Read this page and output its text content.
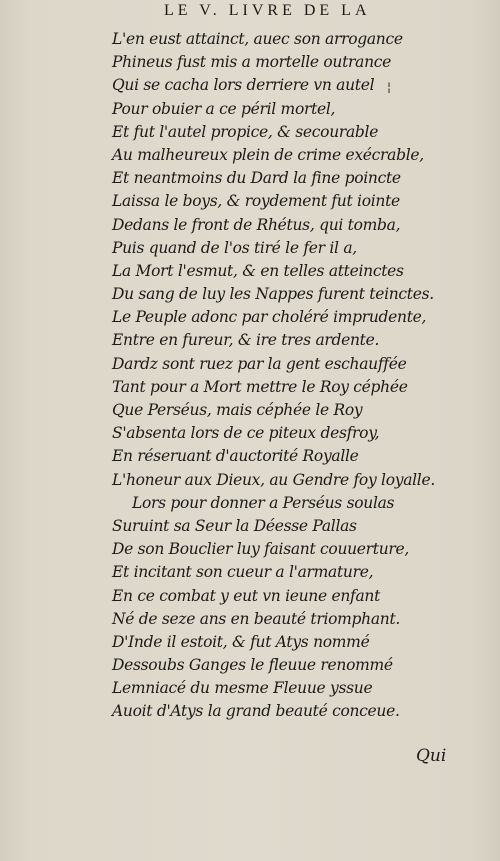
LE V. LIVRE DE LA
¦
L'en eust attainct, auec son arrogance
Phineus fust mis a mortelle outrance
Qui se cacha lors derriere vn autel
Pour obuier a ce péril mortel,
Et fut l'autel propice, & secourable
Au malheureux plein de crime exécrable,
Et neantmoins du Dard la fine poincte
Laissa le boys, & roydement fut iointe
Dedans le front de Rhétus, qui tomba,
Puis quand de l'os tiré le fer il a,
La Mort l'esmut, & en telles atteinctes
Du sang de luy les Nappes furent teinctes.
Le Peuple adonc par choléré imprudente,
Entre en fureur, & ire tres ardente.
Dardz sont ruez par la gent eschauffée
Tant pour a Mort mettre le Roy céphée
Que Perséus, mais céphée le Roy
S'absenta lors de ce piteux desfroy,
En réseruant d'auctorité Royalle
L'honeur aux Dieux, au Gendre foy loyalle.
Lors pour donner a Perséus soulas
Suruint sa Seur la Déesse Pallas
De son Bouclier luy faisant couuerture,
Et incitant son cueur a l'armature,
En ce combat y eut vn ieune enfant
Né de seze ans en beauté triomphant.
D'Inde il estoit, & fut Atys nommé
Dessoubs Ganges le fleuue renommé
Lemniacé du mesme Fleuue yssue
Auoit d'Atys la grand beauté conceue.
Qui
